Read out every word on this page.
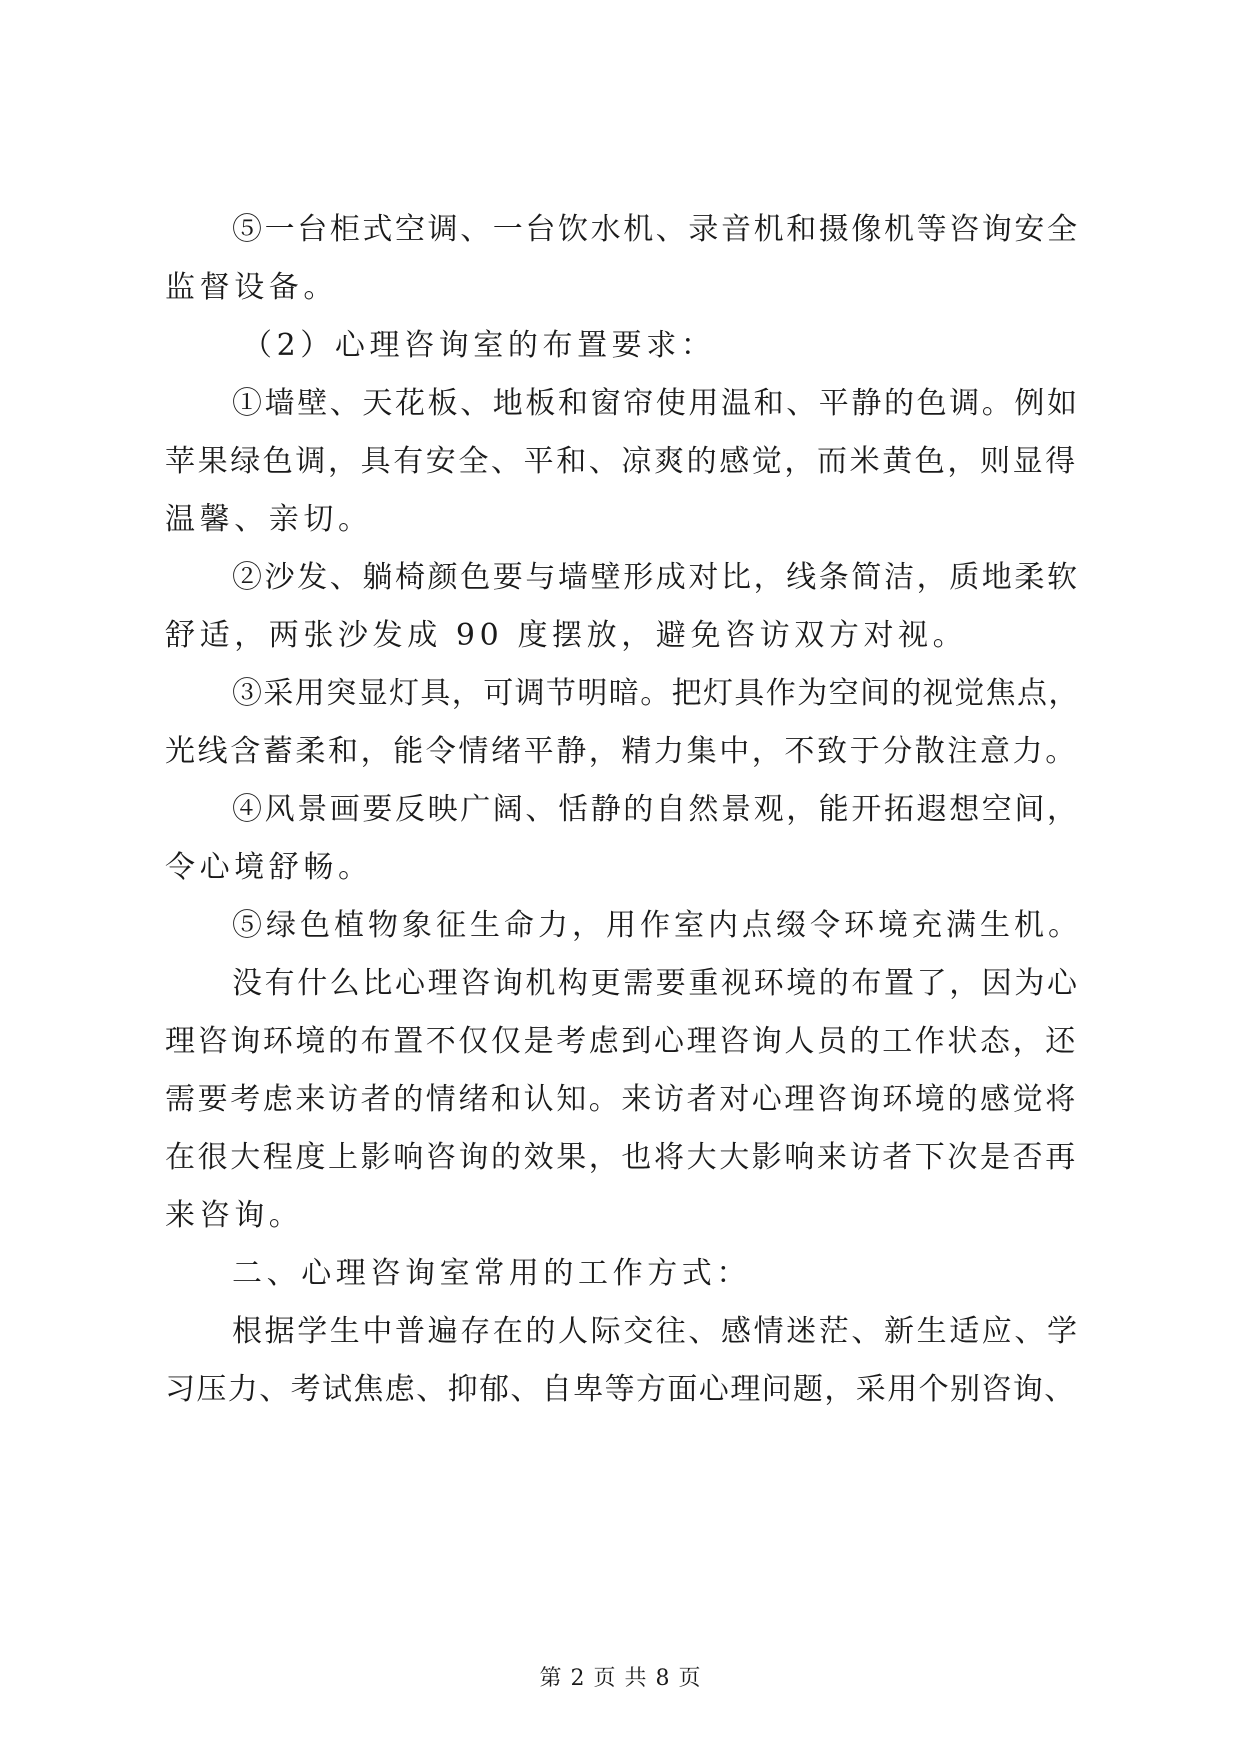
⑤一台柜式空调、一台饮水机、录音机和摄像机等咨询安全
监督设备。
（2）心理咨询室的布置要求：
①墙壁、天花板、地板和窗帘使用温和、平静的色调。例如
苹果绿色调，具有安全、平和、凉爽的感觉，而米黄色，则显得
温馨、亲切。
②沙发、躺椅颜色要与墙壁形成对比，线条简洁，质地柔软
舒适，两张沙发成 90 度摆放，避免咨访双方对视。
③采用突显灯具，可调节明暗。把灯具作为空间的视觉焦点，
光线含蓄柔和，能令情绪平静，精力集中，不致于分散注意力。
④风景画要反映广阔、恬静的自然景观，能开拓遐想空间，
令心境舒畅。
⑤绿色植物象征生命力，用作室内点缀令环境充满生机。
没有什么比心理咨询机构更需要重视环境的布置了，因为心
理咨询环境的布置不仅仅是考虑到心理咨询人员的工作状态，还
需要考虑来访者的情绪和认知。来访者对心理咨询环境的感觉将
在很大程度上影响咨询的效果，也将大大影响来访者下次是否再
来咨询。
二、心理咨询室常用的工作方式：
根据学生中普遍存在的人际交往、感情迷茫、新生适应、学
习压力、考试焦虑、抑郁、自卑等方面心理问题，采用个别咨询、
第 2 页 共 8 页
